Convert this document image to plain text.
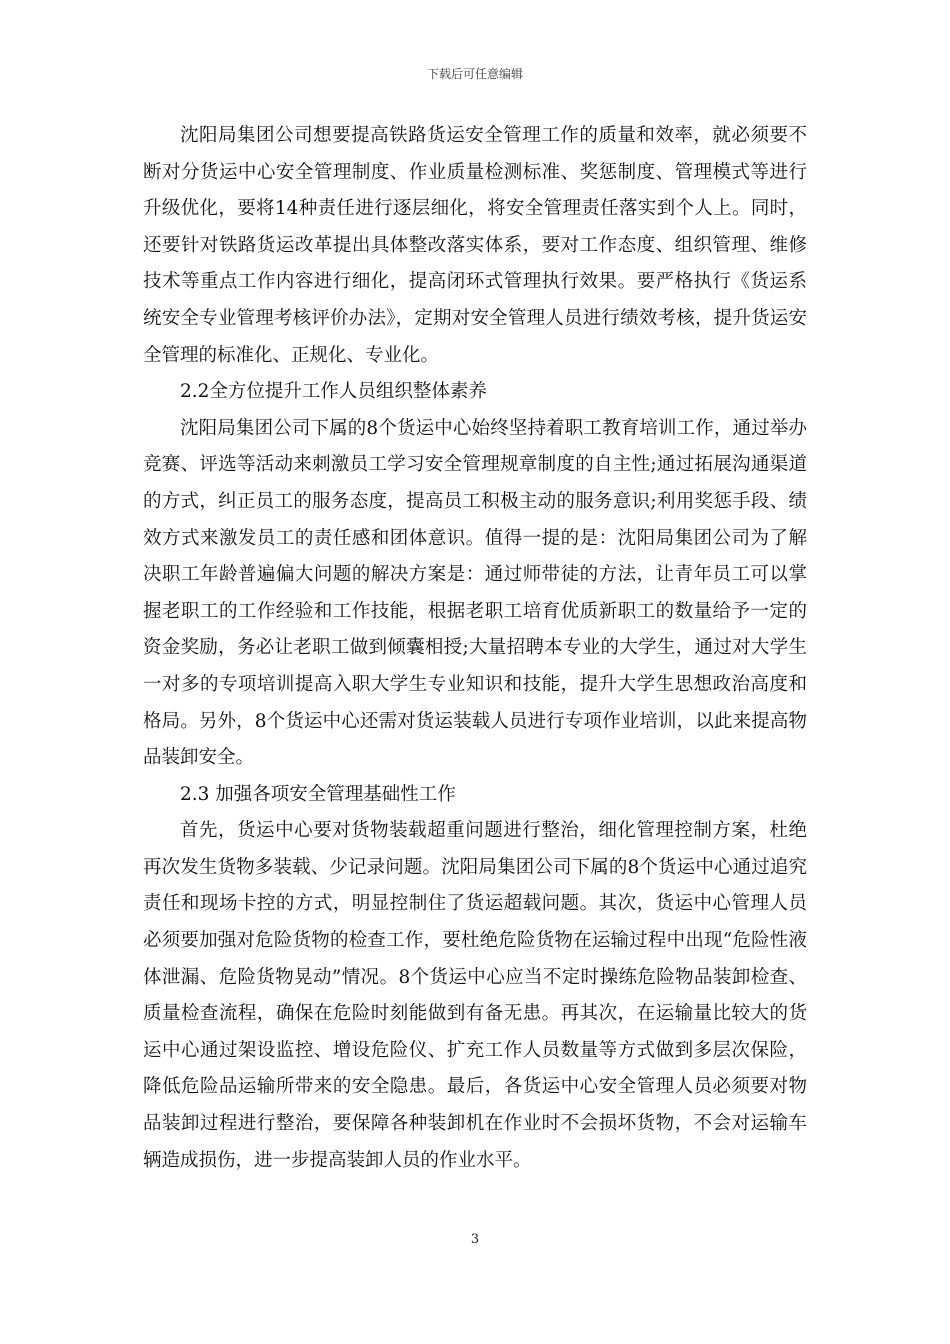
下载后可任意编辑

沈阳局集团公司想要提高铁路货运安全管理工作的质量和效率，就必须要不断对分货运中心安全管理制度、作业质量检测标准、奖惩制度、管理模式等进行升级优化，要将14种责任进行逐层细化，将安全管理责任落实到个人上。同时，还要针对铁路货运改革提出具体整改落实体系，要对工作态度、组织管理、维修技术等重点工作内容进行细化，提高闭环式管理执行效果。要严格执行《货运系统安全专业管理考核评价办法》，定期对安全管理人员进行绩效考核，提升货运安全管理的标准化、正规化、专业化。

2.2全方位提升工作人员组织整体素养

沈阳局集团公司下属的8个货运中心始终坚持着职工教育培训工作，通过举办竞赛、评选等活动来刺激员工学习安全管理规章制度的自主性;通过拓展沟通渠道的方式，纠正员工的服务态度，提高员工积极主动的服务意识;利用奖惩手段、绩效方式来激发员工的责任感和团体意识。值得一提的是：沈阳局集团公司为了解决职工年龄普遍偏大问题的解决方案是：通过师带徒的方法，让青年员工可以掌握老职工的工作经验和工作技能，根据老职工培育优质新职工的数量给予一定的资金奖励，务必让老职工做到倾囊相授;大量招聘本专业的大学生，通过对大学生一对多的专项培训提高入职大学生专业知识和技能，提升大学生思想政治高度和格局。另外，8个货运中心还需对货运装载人员进行专项作业培训，以此来提高物品装卸安全。

2.3 加强各项安全管理基础性工作

首先，货运中心要对货物装载超重问题进行整治，细化管理控制方案，杜绝再次发生货物多装载、少记录问题。沈阳局集团公司下属的8个货运中心通过追究责任和现场卡控的方式，明显控制住了货运超载问题。其次，货运中心管理人员必须要加强对危险货物的检查工作，要杜绝危险货物在运输过程中出现“危险性液体泄漏、危险货物晃动”情况。8个货运中心应当不定时操练危险物品装卸检查、质量检查流程，确保在危险时刻能做到有备无患。再其次，在运输量比较大的货运中心通过架设监控、增设危险仪、扩充工作人员数量等方式做到多层次保险，降低危险品运输所带来的安全隐患。最后，各货运中心安全管理人员必须要对物品装卸过程进行整治，要保障各种装卸机在作业时不会损坏货物，不会对运输车辆造成损伤，进一步提高装卸人员的作业水平。

3
